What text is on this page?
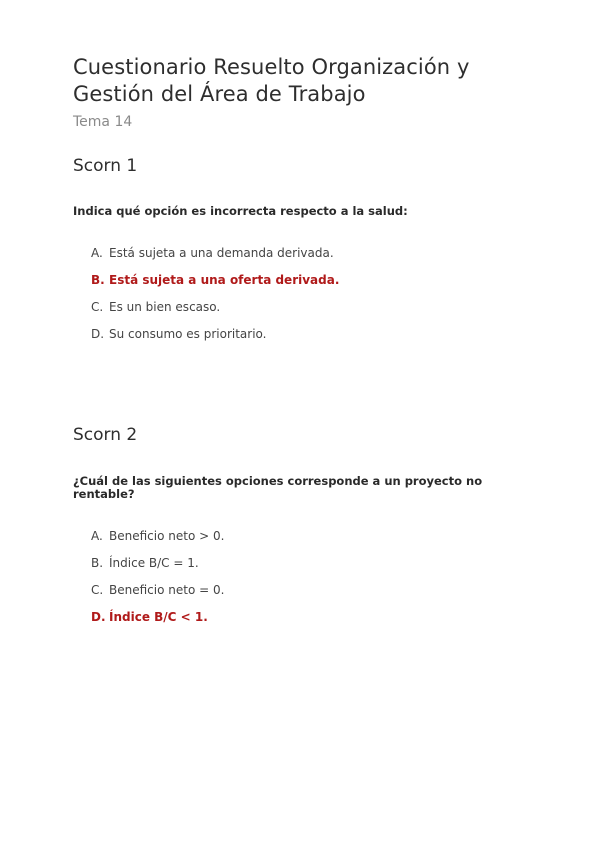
Cuestionario Resuelto Organización y
Gestión del Área de Trabajo

Tema 14

Scorn 1

Indica qué opción es incorrecta respecto a la salud:

A. Está sujeta a una demanda derivada.
B. Está sujeta a una oferta derivada.
C. Es un bien escaso.
D. Su consumo es prioritario.
Scorn 2

¿Cuál de las siguientes opciones corresponde a un proyecto no rentable?

A. Beneficio neto > 0.
B. Índice B/C = 1.
C. Beneficio neto = 0.
D. Índice B/C < 1.
